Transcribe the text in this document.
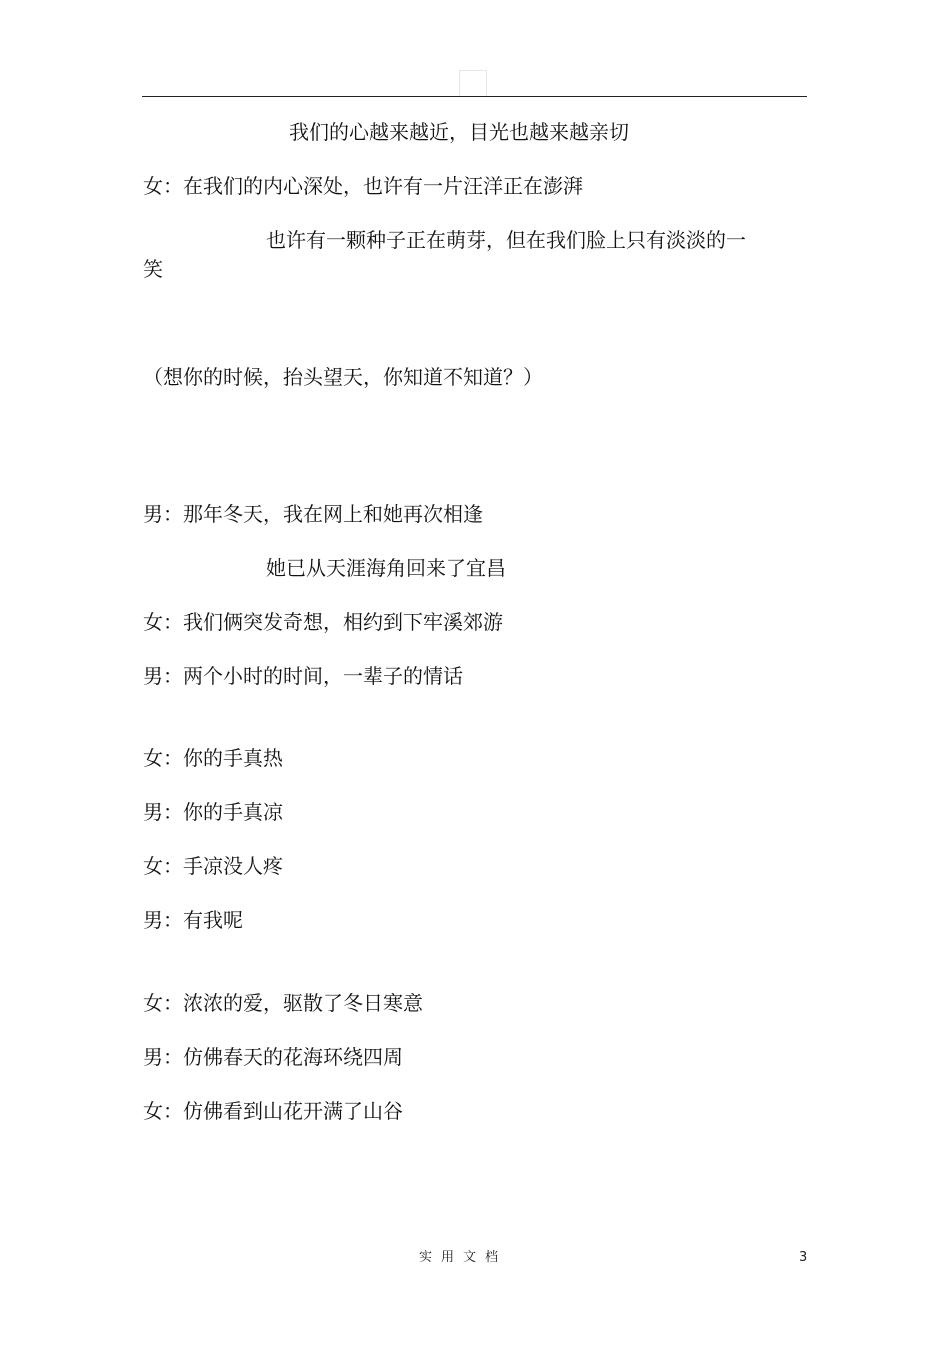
我们的心越来越近，目光也越来越亲切
女：在我们的内心深处，也许有一片汪洋正在澎湃
也许有一颗种子正在萌芽，但在我们脸上只有淡淡的一
笑
（想你的时候，抬头望天，你知道不知道？）
男：那年冬天，我在网上和她再次相逢
她已从天涯海角回来了宜昌
女：我们俩突发奇想，相约到下牢溪郊游
男：两个小时的时间，一辈子的情话
女：你的手真热
男：你的手真凉
女：手凉没人疼
男：有我呢
女：浓浓的爱，驱散了冬日寒意
男：仿佛春天的花海环绕四周
女：仿佛看到山花开满了山谷
实用文档	3
